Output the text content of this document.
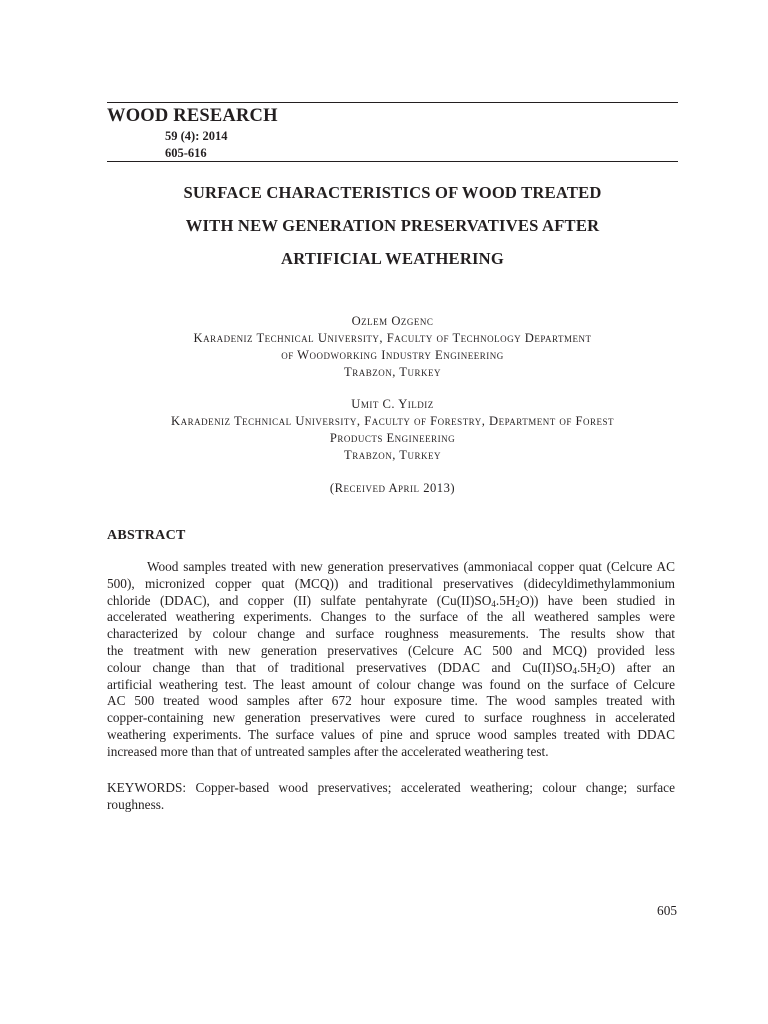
WOOD RESEARCH
59 (4): 2014
605-616
SURFACE CHARACTERISTICS OF WOOD TREATED
WITH NEW GENERATION PRESERVATIVES AFTER
ARTIFICIAL WEATHERING
Ozlem Ozgenc
Karadeniz Technical University, Faculty of Technology Department
of Woodworking Industry Engineering
Trabzon, Turkey
Umit C. Yildiz
Karadeniz Technical University, Faculty of Forestry, Department of Forest
Products Engineering
Trabzon, Turkey
(Received April 2013)
ABSTRACT
Wood samples treated with new generation preservatives (ammoniacal copper quat (Celcure AC
500), micronized copper quat (MCQ)) and traditional preservatives (didecyldimethylammonium
chloride (DDAC), and copper (II) sulfate pentahyrate $(Cu(II)SO_4.5H_2O)$) have been studied in
accelerated weathering experiments. Changes to the surface of the all weathered samples were
characterized by colour change and surface roughness measurements. The results show that
the treatment with new generation preservatives (Celcure AC 500 and MCQ) provided less
colour change than that of traditional preservatives (DDAC and $Cu(II)SO_4.5H_2O$) after an
artificial weathering test. The least amount of colour change was found on the surface of Celcure
AC 500 treated wood samples after 672 hour exposure time. The wood samples treated with
copper-containing new generation preservatives were cured to surface roughness in accelerated
weathering experiments. The surface values of pine and spruce wood samples treated with DDAC
increased more than that of untreated samples after the accelerated weathering test.
KEYWORDS: Copper-based wood preservatives; accelerated weathering; colour change; surface
roughness.
605
